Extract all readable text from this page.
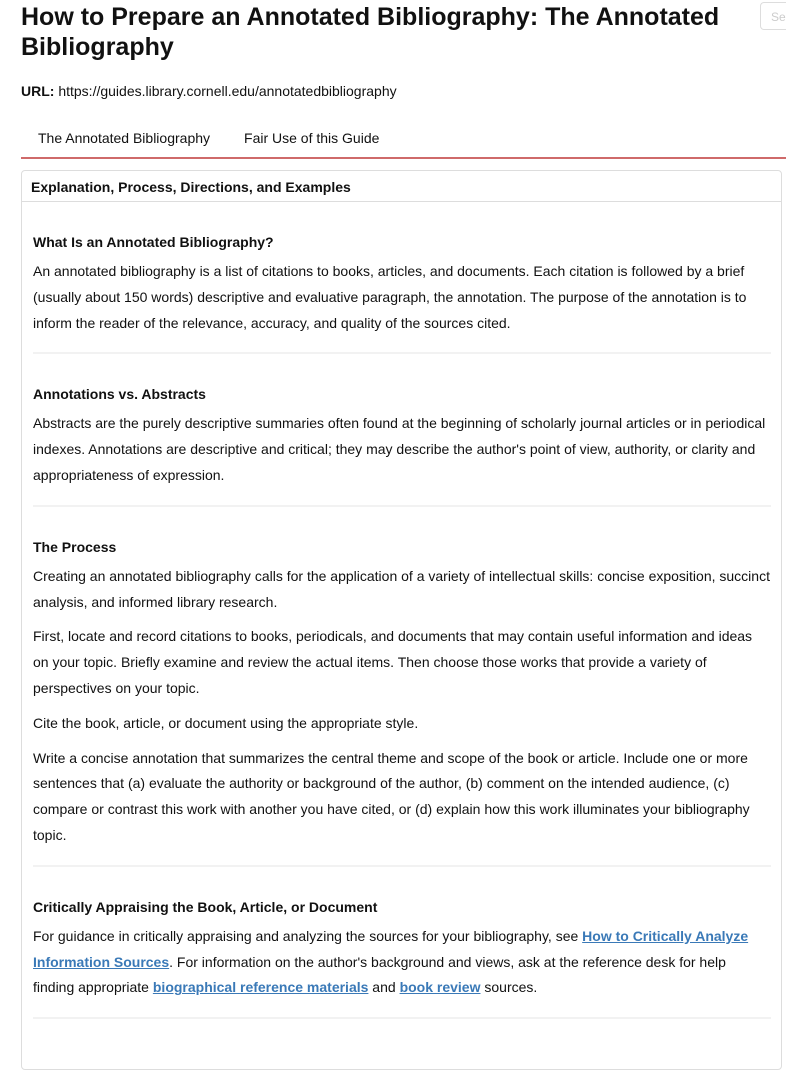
How to Prepare an Annotated Bibliography: The Annotated Bibliography
Se
URL: https://guides.library.cornell.edu/annotatedbibliography
The Annotated Bibliography	Fair Use of this Guide
Explanation, Process, Directions, and Examples
What Is an Annotated Bibliography?

An annotated bibliography is a list of citations to books, articles, and documents. Each citation is followed by a brief (usually about 150 words) descriptive and evaluative paragraph, the annotation. The purpose of the annotation is to inform the reader of the relevance, accuracy, and quality of the sources cited.

Annotations vs. Abstracts

Abstracts are the purely descriptive summaries often found at the beginning of scholarly journal articles or in periodical indexes. Annotations are descriptive and critical; they may describe the author's point of view, authority, or clarity and appropriateness of expression.

The Process

Creating an annotated bibliography calls for the application of a variety of intellectual skills: concise exposition, succinct analysis, and informed library research.

First, locate and record citations to books, periodicals, and documents that may contain useful information and ideas on your topic. Briefly examine and review the actual items. Then choose those works that provide a variety of perspectives on your topic.

Cite the book, article, or document using the appropriate style.

Write a concise annotation that summarizes the central theme and scope of the book or article. Include one or more sentences that (a) evaluate the authority or background of the author, (b) comment on the intended audience, (c) compare or contrast this work with another you have cited, or (d) explain how this work illuminates your bibliography topic.

Critically Appraising the Book, Article, or Document

For guidance in critically appraising and analyzing the sources for your bibliography, see How to Critically Analyze Information Sources. For information on the author's background and views, ask at the reference desk for help finding appropriate biographical reference materials and book review sources.
